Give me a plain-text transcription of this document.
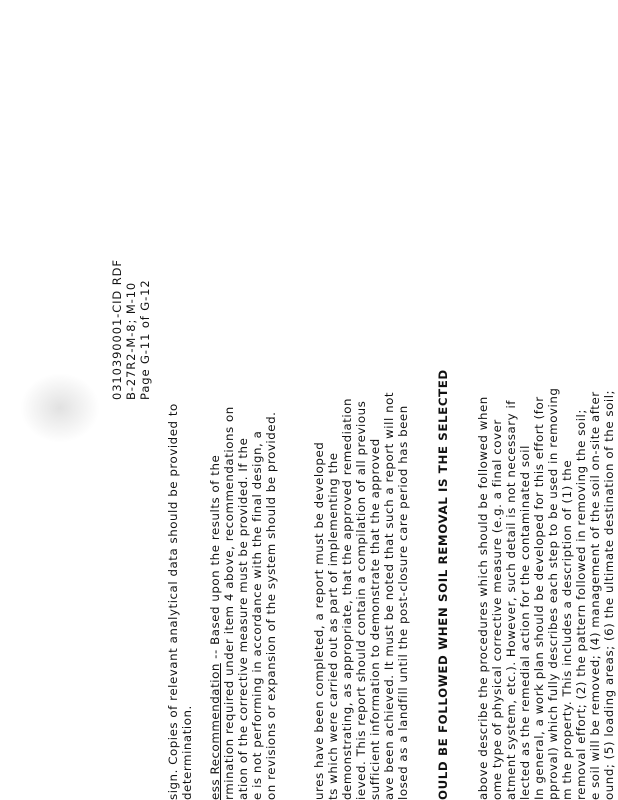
0310390001-CID RDF B-27R2-M-8; M-10 Page G-11 of G-12
sign. Copies of relevant analytical data should be provided to determination. ess Recommendation -- Based upon the results of the rmination required under item 4 above, recommendations on ation of the corrective measure must be provided. If the e is not performing in accordance with the final design, a on revisions or expansion of the system should be provided.	ures have been completed, a report must be developed ts which were carried out as part of implementing the demonstrating, as appropriate, that the approved remediation ieved. This report should contain a compilation of all previous sufficient information to demonstrate that the approved ave been achieved. It must be noted that such a report will not losed as a landfill until the post-closure care period has been OULD BE FOLLOWED WHEN SOIL REMOVAL IS THE SELECTED above describe the procedures which should be followed when ome type of physical corrective measure (e.g. a final cover atment system, etc.). However, such detail is not necessary if lected as the remedial action for the contaminated soil In general, a work plan should be developed for this effort (for pproval) which fully describes each step to be used in removing m the property. This includes a description of (1) the removal effort; (2) the pattern followed in removing the soil; e soil will be removed; (4) management of the soil on-site after ound; (5) loading areas; (6) the ultimate destination of the soil;
